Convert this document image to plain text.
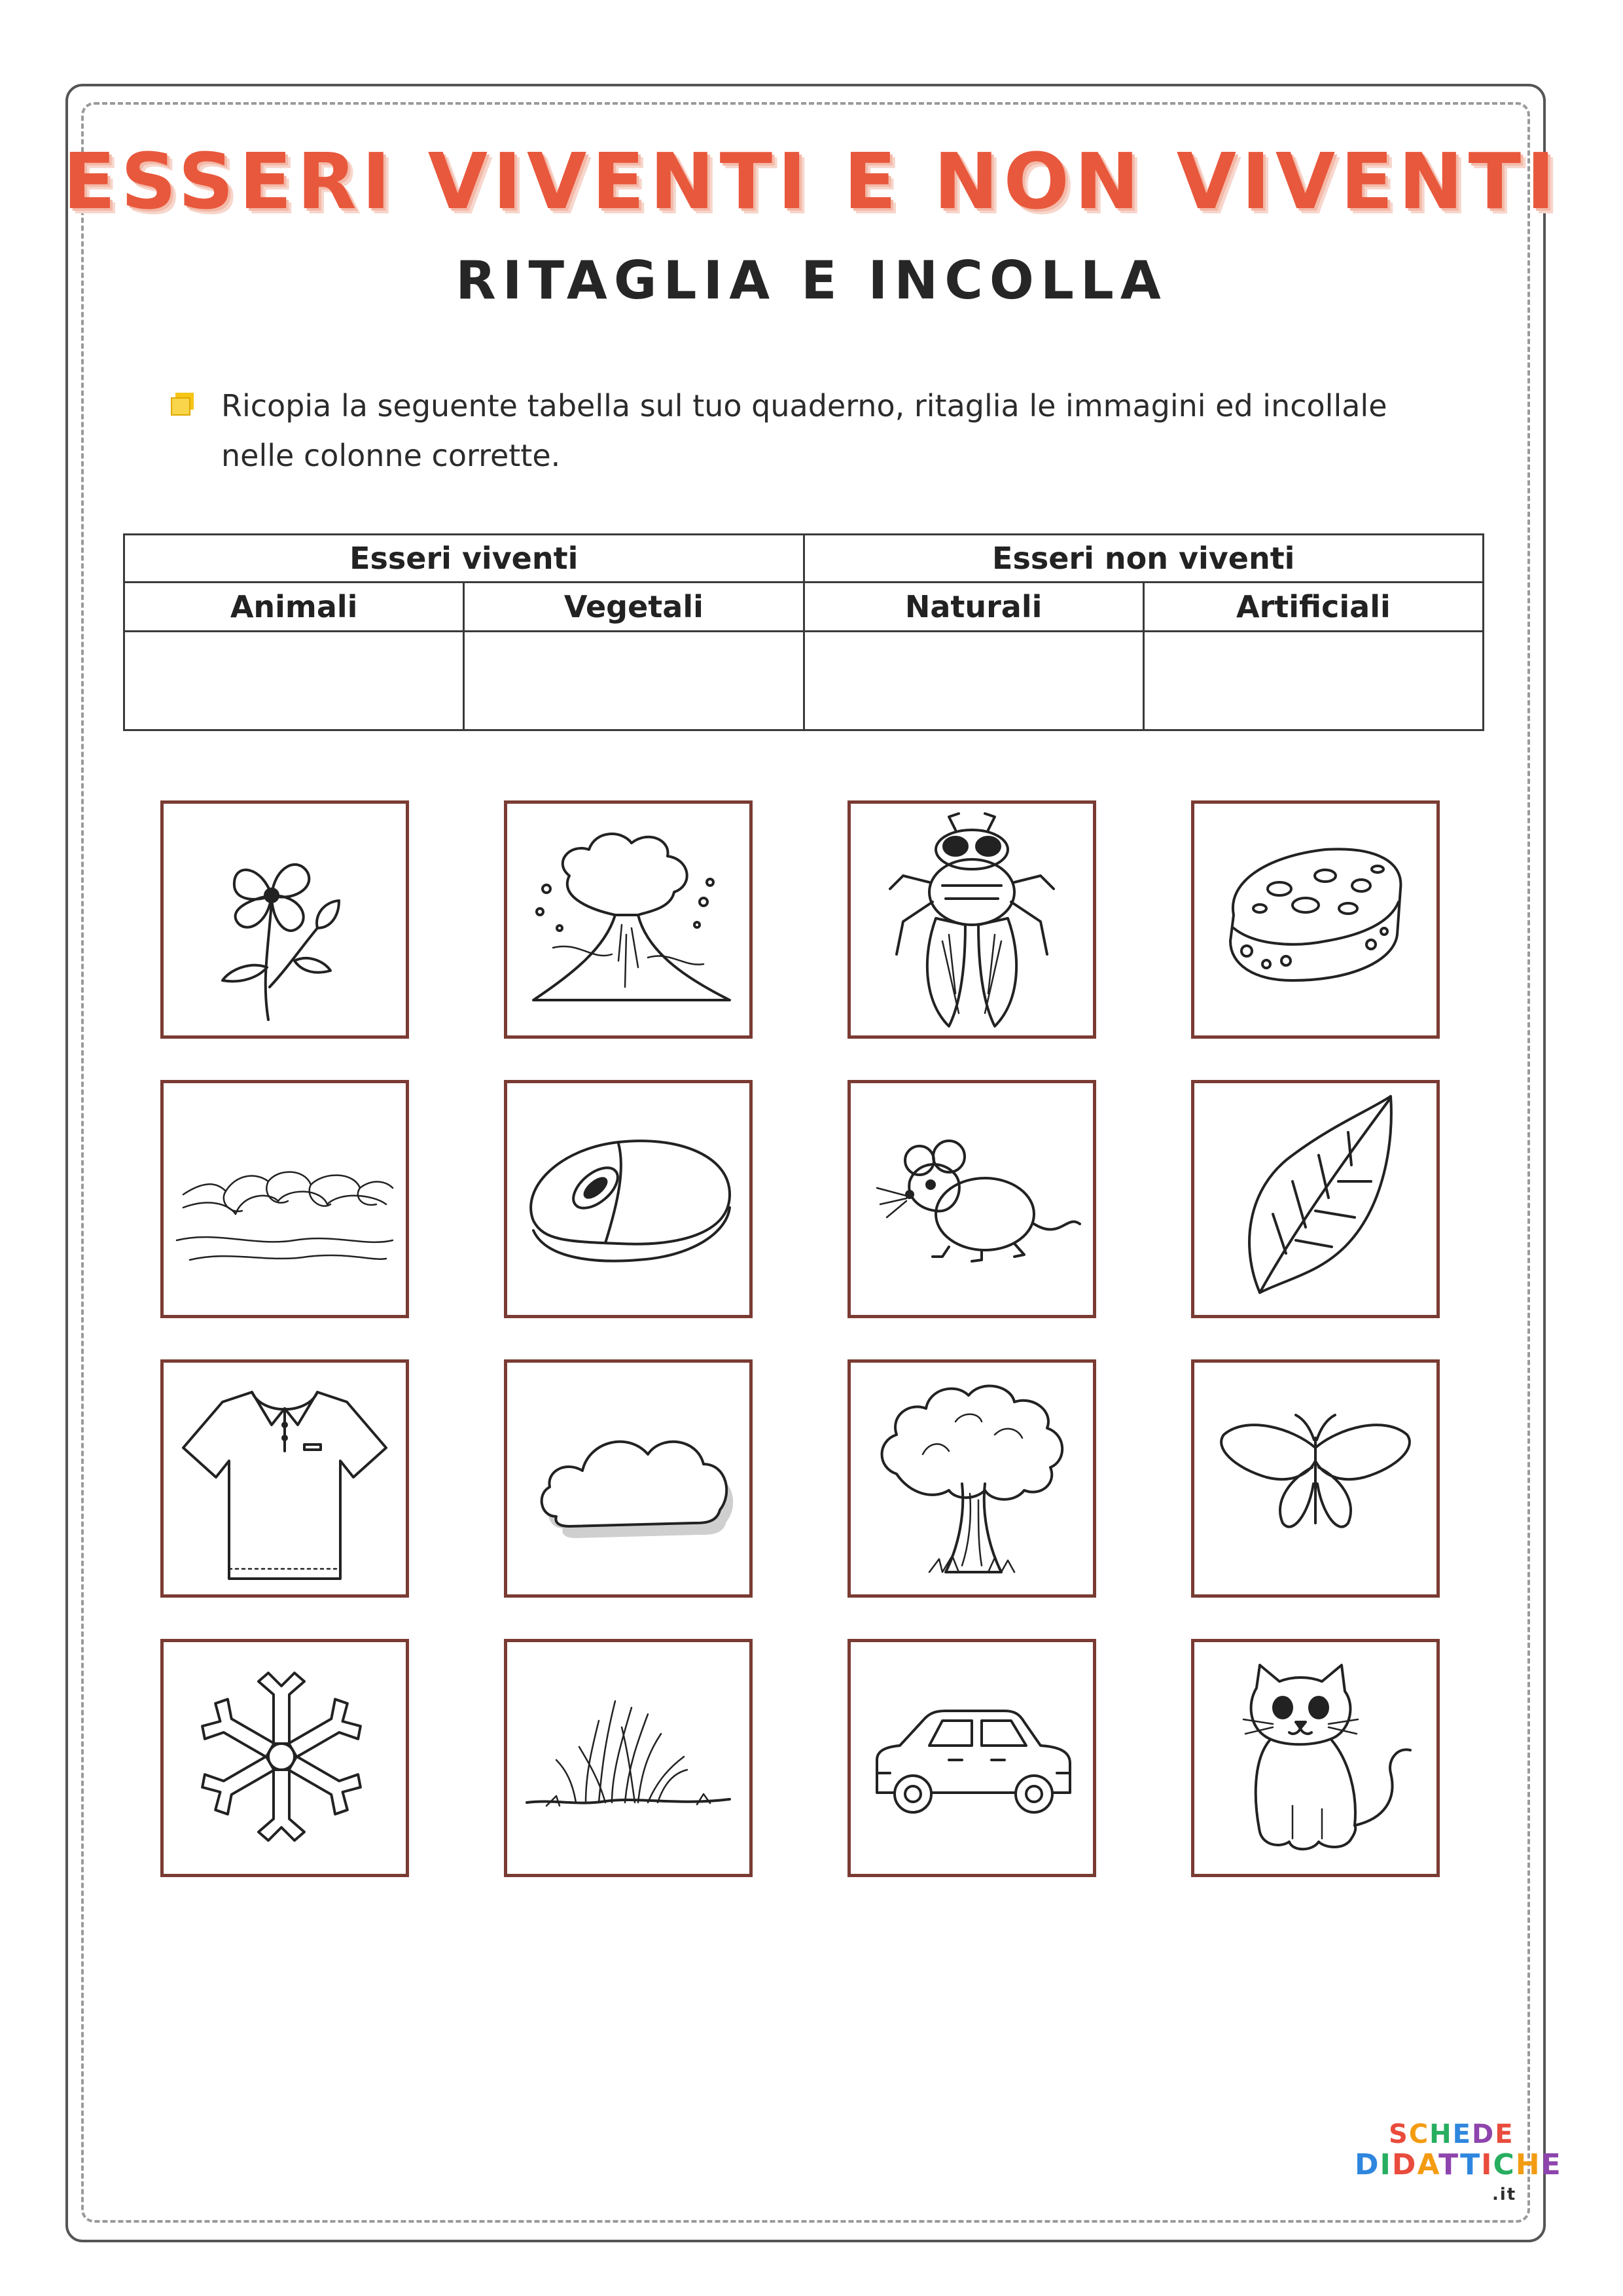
ESSERI VIVENTI E NON VIVENTI
RITAGLIA E INCOLLA
Ricopia la seguente tabella sul tuo quaderno, ritaglia le immagini ed incollale nelle colonne corrette.
Esseri viventi		Esseri non viventi	
Animali	Vegetali	Naturali	Artificiali

SCHEDE
DIDATTICHE
.it
